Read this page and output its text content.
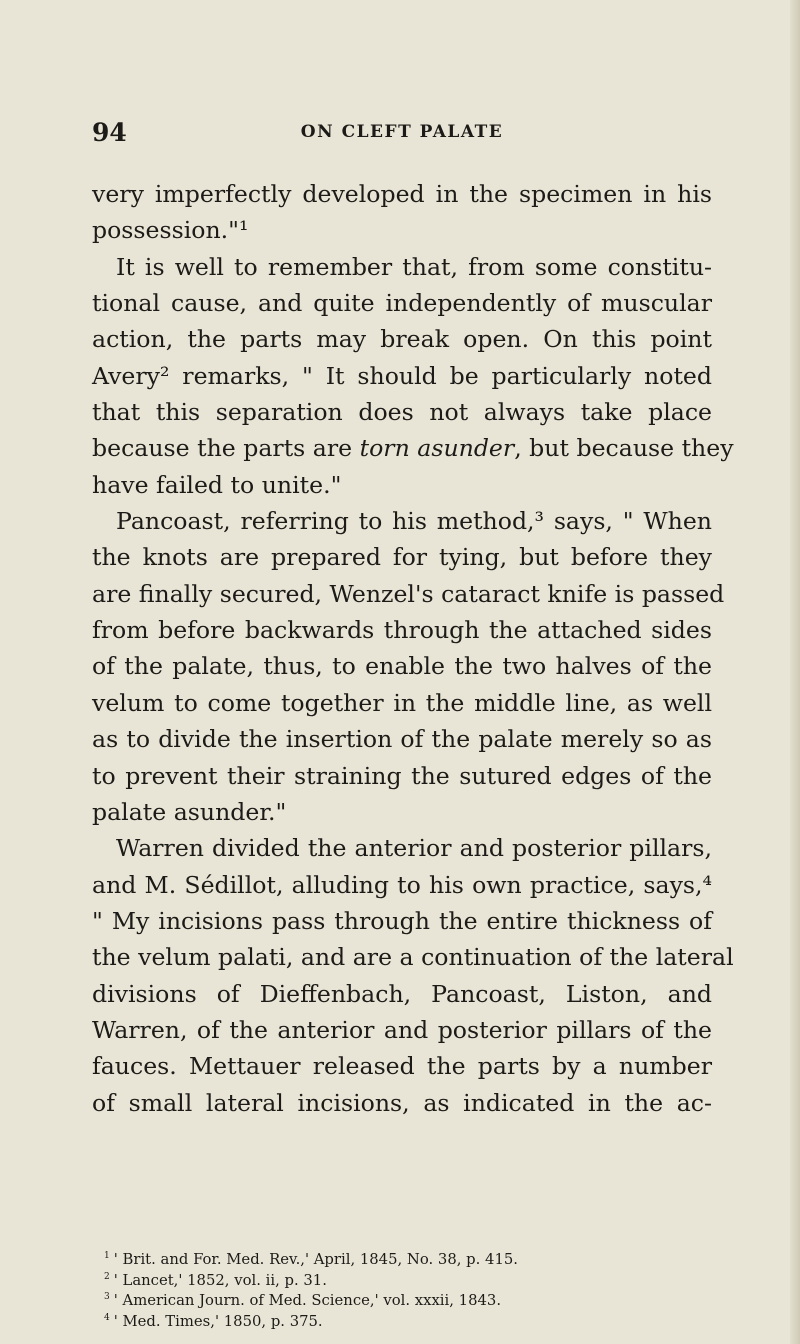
94	ON CLEFT PALATE
very imperfectly developed in the specimen in his
possession."¹
It is well to remember that, from some constitu-
tional cause, and quite independently of muscular
action, the parts may break open. On this point
Avery² remarks, " It should be particularly noted
that this separation does not always take place
because the parts are torn asunder, but because they
have failed to unite."
Pancoast, referring to his method,³ says, " When
the knots are prepared for tying, but before they
are finally secured, Wenzel's cataract knife is passed
from before backwards through the attached sides
of the palate, thus, to enable the two halves of the
velum to come together in the middle line, as well
as to divide the insertion of the palate merely so as
to prevent their straining the sutured edges of the
palate asunder."
Warren divided the anterior and posterior pillars,
and M. Sédillot, alluding to his own practice, says,⁴
" My incisions pass through the entire thickness of
the velum palati, and are a continuation of the lateral
divisions of Dieffenbach, Pancoast, Liston, and
Warren, of the anterior and posterior pillars of the
fauces. Mettauer released the parts by a number
of small lateral incisions, as indicated in the ac-
$^1$ ' Brit. and For. Med. Rev.,' April, 1845, No. 38, p. 415.
$^2$ ' Lancet,' 1852, vol. ii, p. 31.
$^3$ ' American Journ. of Med. Science,' vol. xxxii, 1843.
$^4$ ' Med. Times,' 1850, p. 375.
